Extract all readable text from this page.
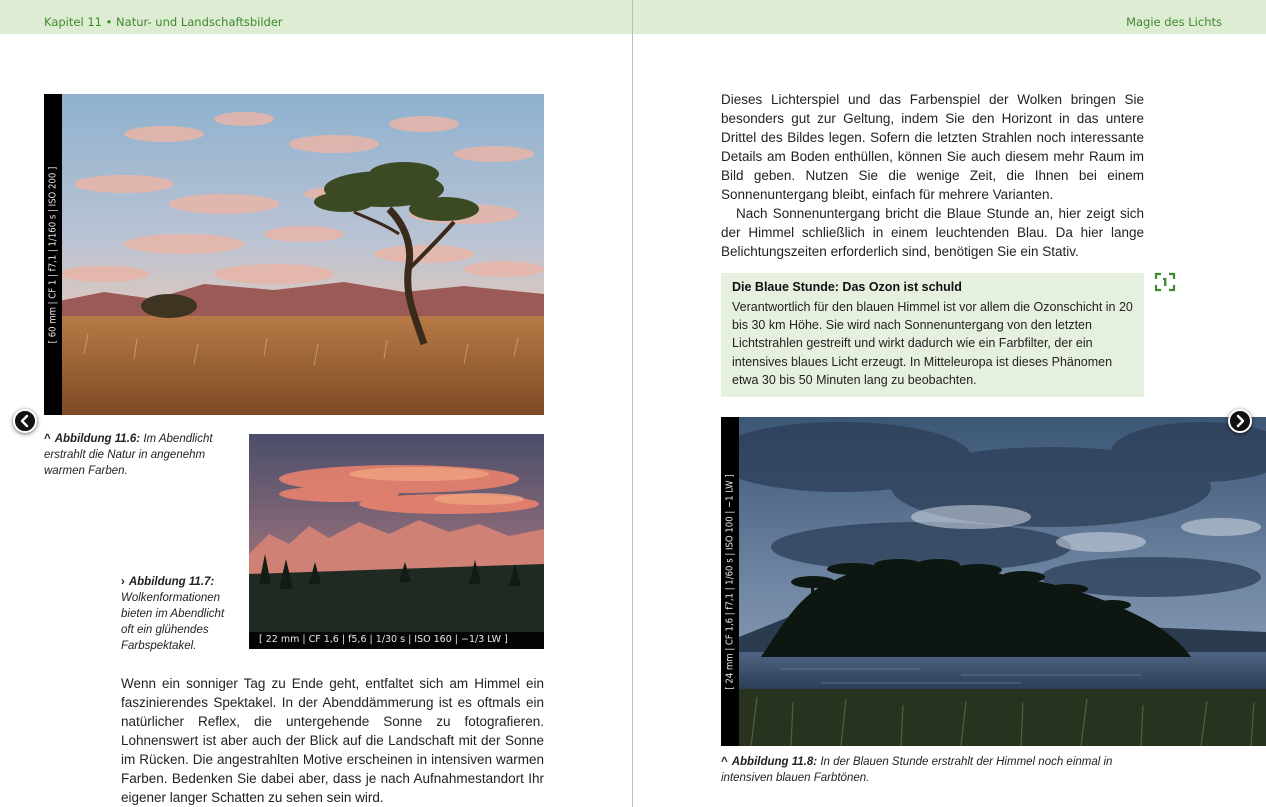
Kapitel 11 • Natur- und Landschaftsbilder
[ 60 mm | CF 1 | f7,1 | 1/160 s | ISO 200 ]
^ Abbildung 11.6: Im Abendlicht erstrahlt die Natur in angenehm warmen Farben.
[ 22 mm | CF 1,6 | f5,6 | 1/30 s | ISO 160 | −1/3 LW ]
› Abbildung 11.7: Wolkenformationen bieten im Abendlicht oft ein glühendes Farbspektakel.

Wenn ein sonniger Tag zu Ende geht, entfaltet sich am Himmel ein faszinierendes Spektakel. In der Abenddämmerung ist es oftmals ein natürlicher Reflex, die untergehende Sonne zu fotografieren. Lohnenswert ist aber auch der Blick auf die Landschaft mit der Sonne im Rücken. Die angestrahlten Motive erscheinen in intensiven warmen Farben. Bedenken Sie dabei aber, dass je nach Aufnahmestandort Ihr eigener langer Schatten zu sehen sein wird.

Magie des Lichts

Dieses Lichterspiel und das Farbenspiel der Wolken bringen Sie besonders gut zur Geltung, indem Sie den Horizont in das untere Drittel des Bildes legen. Sofern die letzten Strahlen noch interessante Details am Boden enthüllen, können Sie auch diesem mehr Raum im Bild geben. Nutzen Sie die wenige Zeit, die Ihnen bei einem Sonnenuntergang bleibt, einfach für mehrere Varianten.

Nach Sonnenuntergang bricht die Blaue Stunde an, hier zeigt sich der Himmel schließlich in einem leuchtenden Blau. Da hier lange Belichtungszeiten erforderlich sind, benötigen Sie ein Stativ.

Die Blaue Stunde: Das Ozon ist schuld
Verantwortlich für den blauen Himmel ist vor allem die Ozonschicht in 20 bis 30 km Höhe. Sie wird nach Sonnenuntergang von den letzten Lichtstrahlen gestreift und wirkt dadurch wie ein Farbfilter, der ein intensives blaues Licht erzeugt. In Mitteleuropa ist dieses Phänomen etwa 30 bis 50 Minuten lang zu beobachten.
[ 24 mm | CF 1,6 | f7,1 | 1/60 s | ISO 100 | −1 LW ]
^ Abbildung 11.8: In der Blauen Stunde erstrahlt der Himmel noch einmal in intensiven blauen Farbtönen.
